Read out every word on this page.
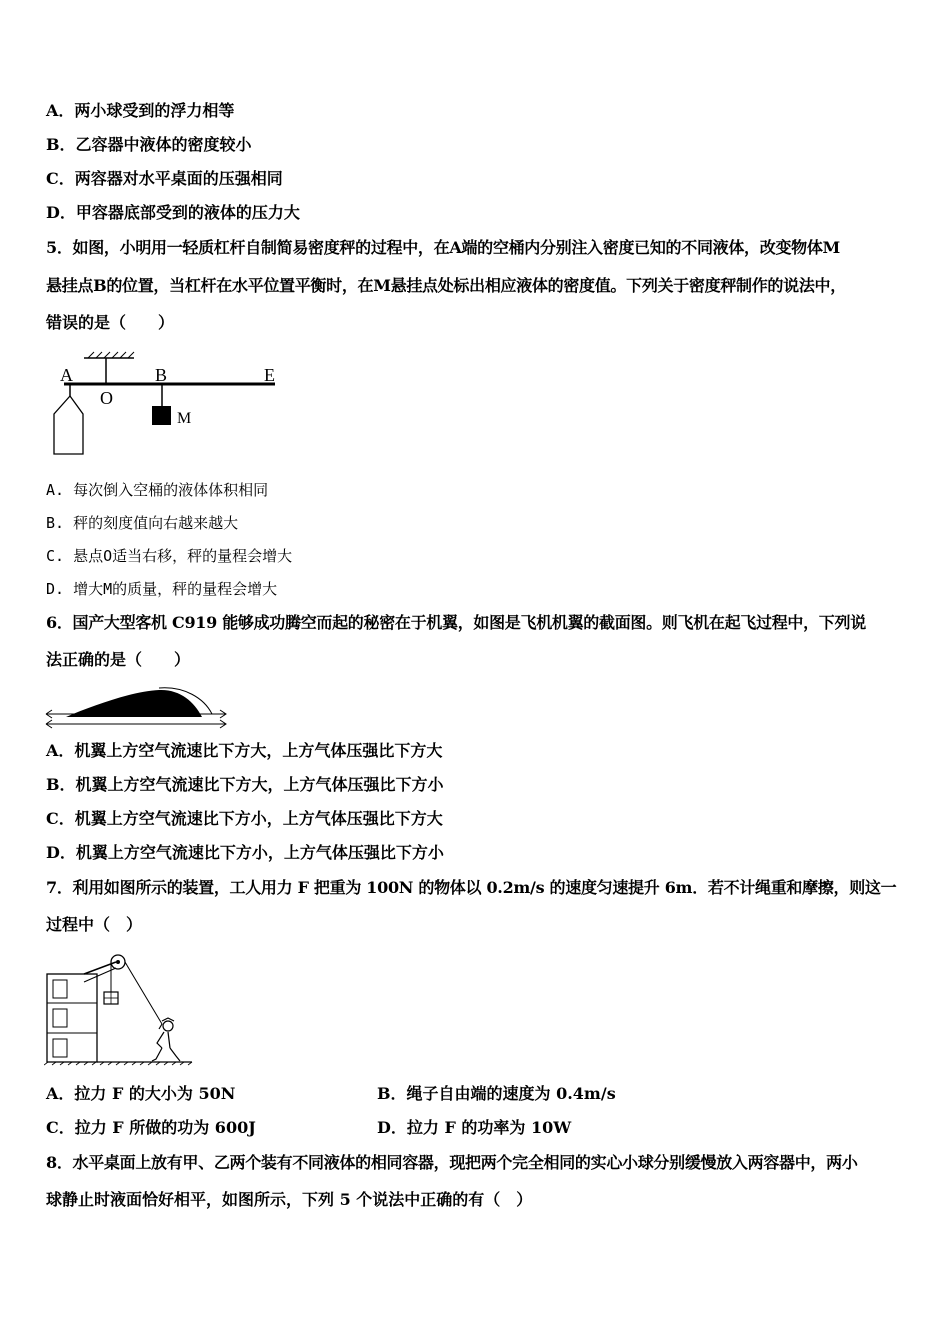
A．两小球受到的浮力相等
B．乙容器中液体的密度较小
C．两容器对水平桌面的压强相同
D．甲容器底部受到的液体的压力大
5．如图，小明用一轻质杠杆自制简易密度秤的过程中，在A端的空桶内分别注入密度已知的不同液体，改变物体M
悬挂点B的位置，当杠杆在水平位置平衡时，在M悬挂点处标出相应液体的密度值。下列关于密度秤制作的说法中，
错误的是（　　）
A
O
B	E
M
A. 每次倒入空桶的液体体积相同
B. 秤的刻度值向右越来越大
C. 悬点O适当右移，秤的量程会增大
D. 增大M的质量，秤的量程会增大
6．国产大型客机 C919 能够成功腾空而起的秘密在于机翼，如图是飞机机翼的截面图。则飞机在起飞过程中，下列说
法正确的是（　　）
A．机翼上方空气流速比下方大，上方气体压强比下方大
B．机翼上方空气流速比下方大，上方气体压强比下方小
C．机翼上方空气流速比下方小，上方气体压强比下方大
D．机翼上方空气流速比下方小，上方气体压强比下方小
7．利用如图所示的装置，工人用力 F 把重为 100N 的物体以 0.2m/s 的速度匀速提升 6m．若不计绳重和摩擦，则这一
过程中（　）
A．拉力 F 的大小为 50N	B．绳子自由端的速度为 0.4m/s
C．拉力 F 所做的功为 600J	D．拉力 F 的功率为 10W
8．水平桌面上放有甲、乙两个装有不同液体的相同容器，现把两个完全相同的实心小球分别缓慢放入两容器中，两小
球静止时液面恰好相平，如图所示，下列 5 个说法中正确的有（　）
